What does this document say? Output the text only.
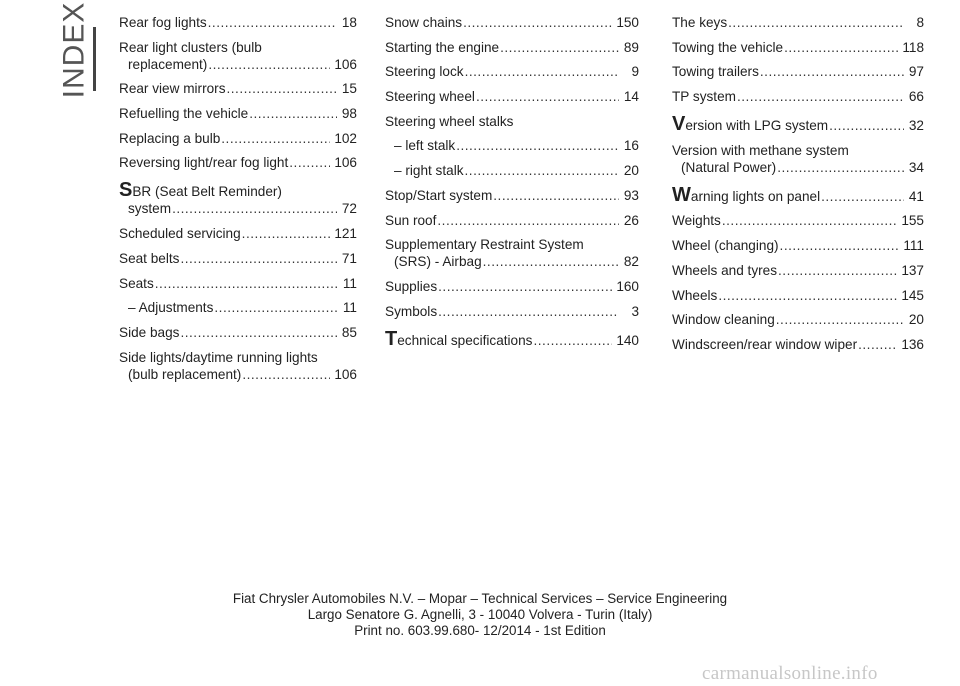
INDEX Rear fog lights .....	18
Rear light clusters (bulb
replacement) .....	106
Rear view mirrors .....	15
Refuelling the vehicle .....	98
Replacing a bulb .....	102
Reversing light/rear fog light .....	106
S BR (Seat Belt Reminder)
system .....	72
Scheduled servicing .....	121
Seat belts .....	71
Seats .....	11
– Adjustments .....	11
Side bags .....	85
Side lights/daytime running lights
(bulb replacement) .....	106
Snow chains .....	150
Starting the engine .....	89
Steering lock .....	9
Steering wheel .....	14
Steering wheel stalks
– left stalk .....	16
– right stalk .....	20
Stop/Start system .....	93
Sun roof .....	26
Supplementary Restraint System
(SRS) - Airbag .....	82
Supplies .....	160
Symbols .....	3
T echnical specifications .....	140
The keys .....	8
Towing the vehicle .....	118
Towing trailers .....	97
TP system .....	66
V ersion with LPG system .....	32
Version with methane system
(Natural Power) .....	34
W arning lights on panel .....	41
Weights .....	155
Wheel (changing) .....	111
Wheels and tyres .....	137
Wheels .....	145
Window cleaning .....	20
Windscreen/rear window wiper .....	136
Fiat Chrysler Automobiles N.V. – Mopar – Technical Services – Service Engineering
Largo Senatore G. Agnelli, 3 - 10040 Volvera - Turin (Italy)
Print no. 603.99.680- 12/2014 - 1st Edition
carmanualsonline.info
